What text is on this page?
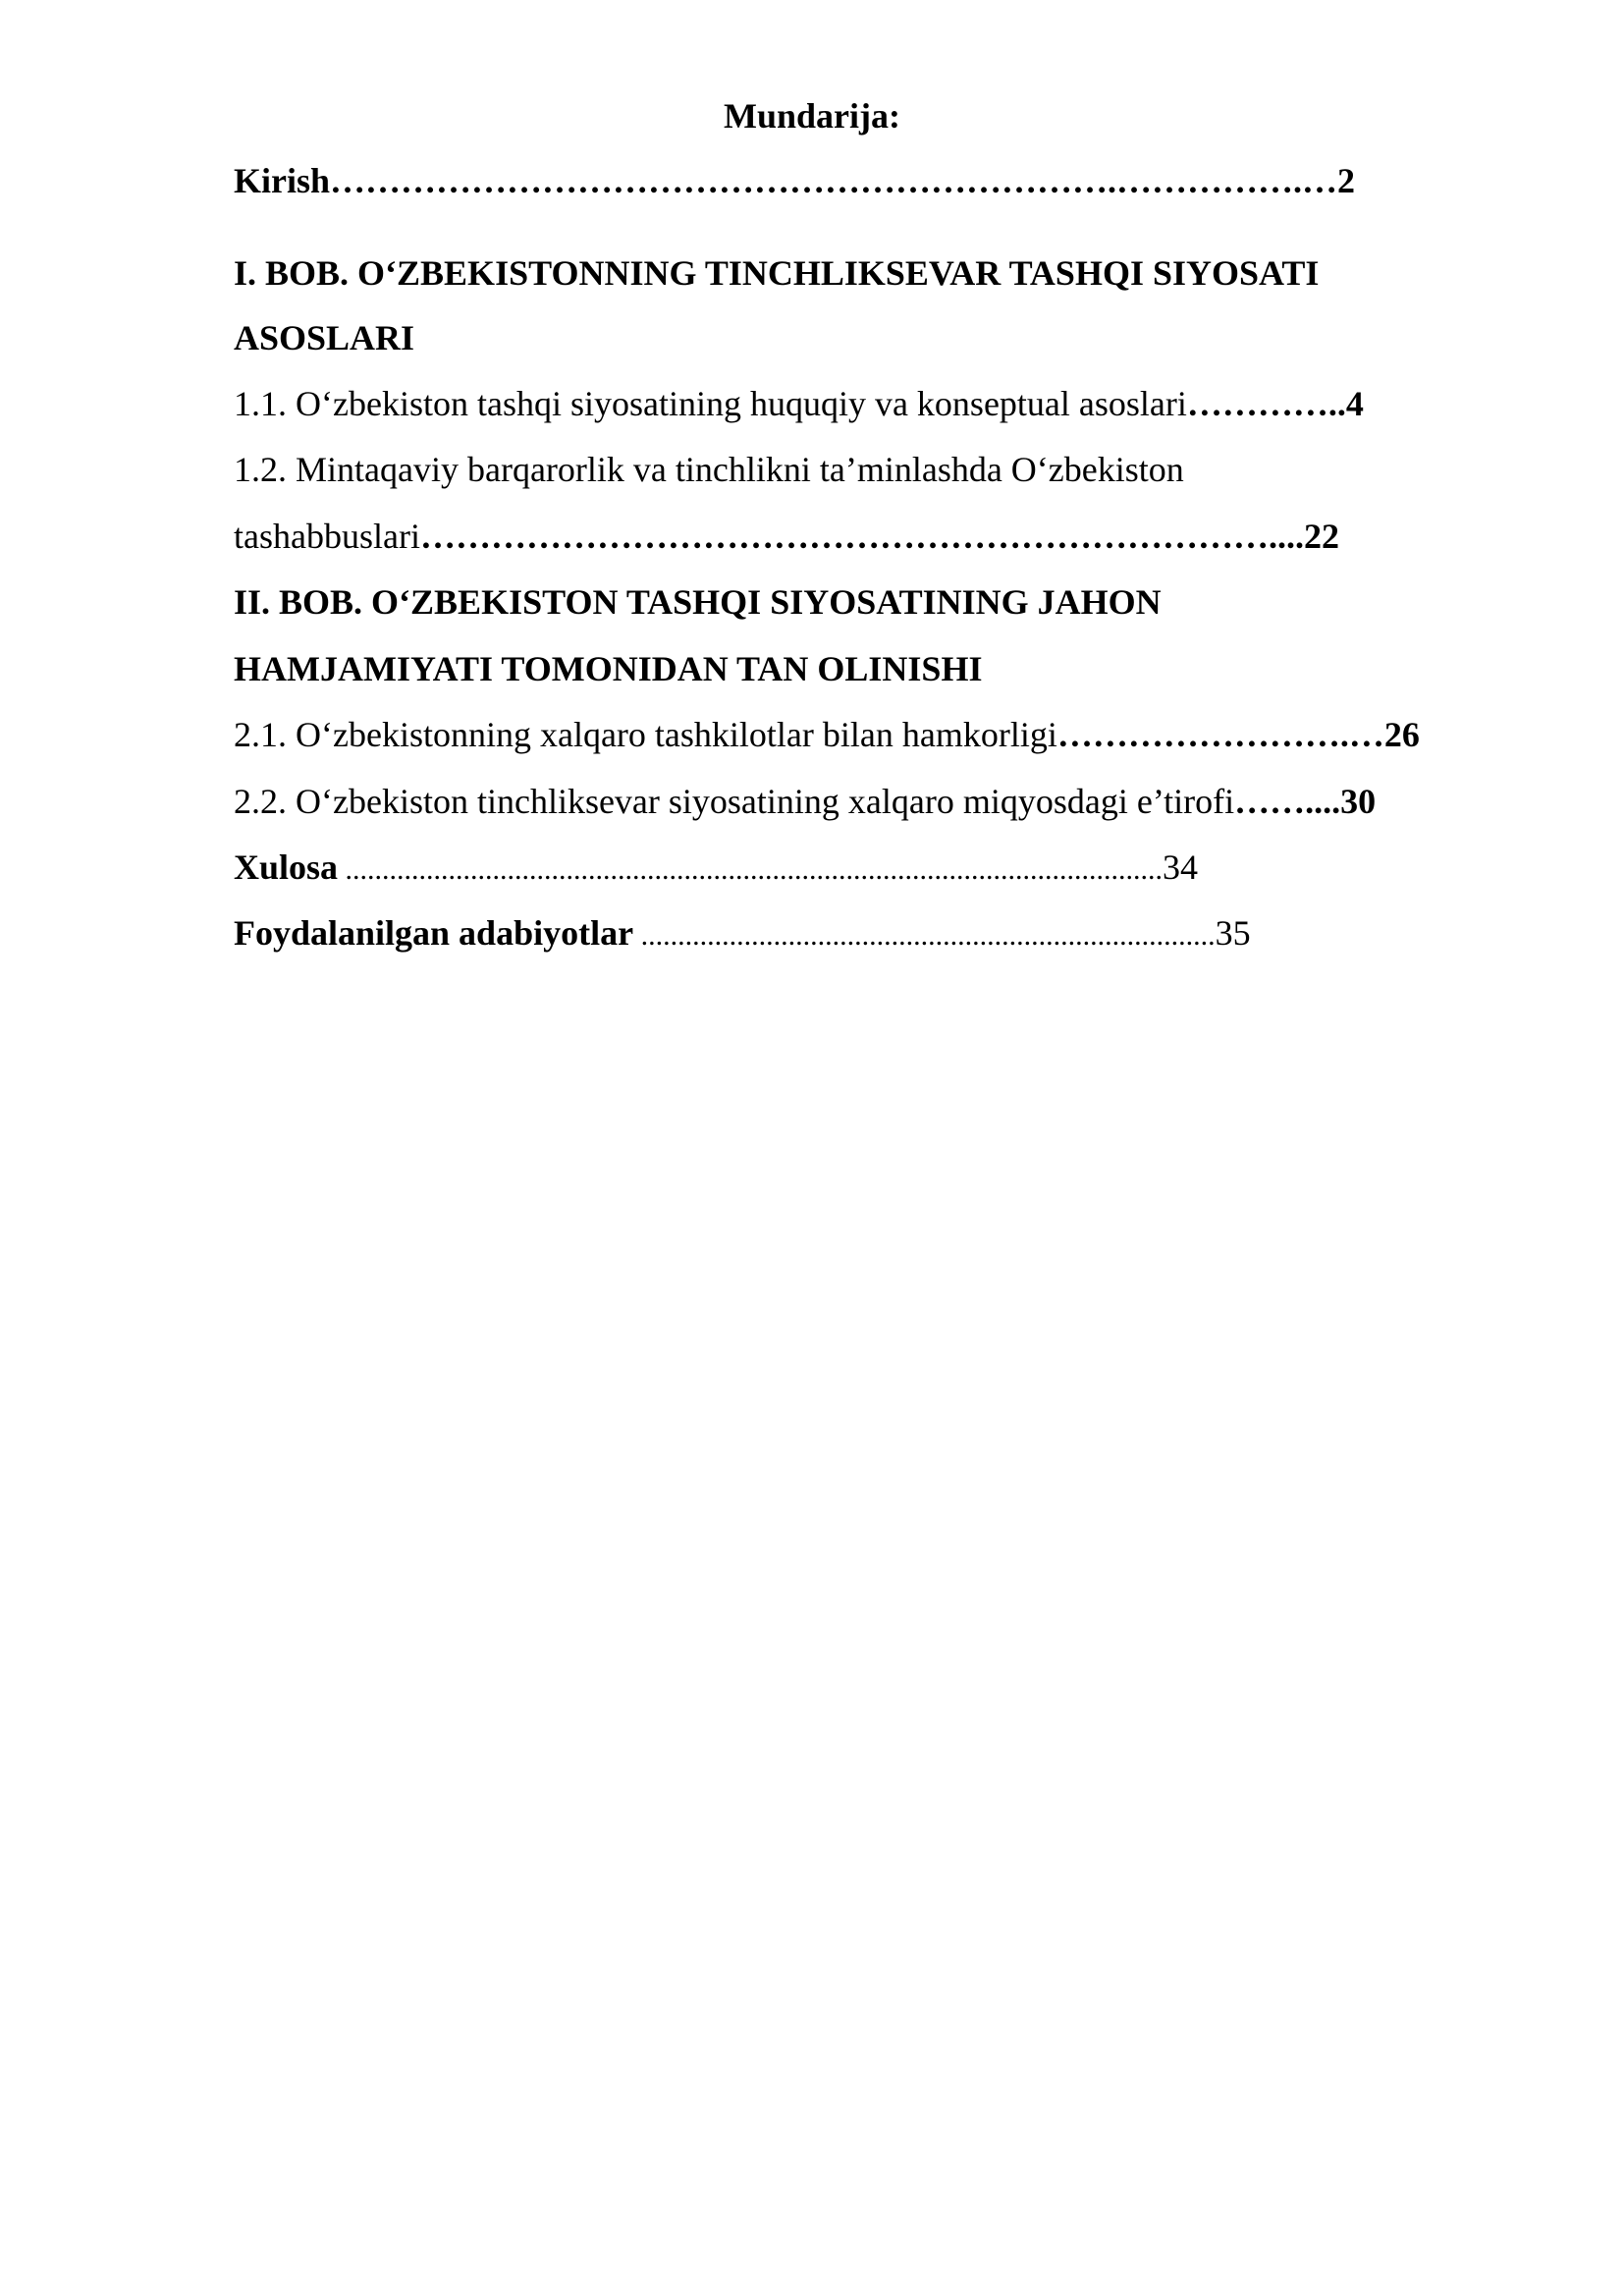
Mundarija:
Kirish………………………………………………………….…………….…2
I. BOB. O‘ZBEKISTONNING TINCHLIKSEVAR TASHQI SIYOSATI
ASOSLARI
1.1. O‘zbekiston tashqi siyosatining huquqiy va konseptual asoslari…………..4
1.2. Mintaqaviy barqarorlik va tinchlikni ta’minlashda O‘zbekiston
tashabbuslari………………………………………………………………....22
II. BOB. O‘ZBEKISTON TASHQI SIYOSATINING JAHON
HAMJAMIYATI TOMONIDAN TAN OLINISHI
2.1. O‘zbekistonning xalqaro tashkilotlar bilan hamkorligi…………………….…26
2.2. O‘zbekiston tinchliksevar siyosatining xalqaro miqyosdagi e’tirofi……....30
Xulosa ...............................................................................................................34
Foydalanilgan adabiyotlar ..............................................................................35
